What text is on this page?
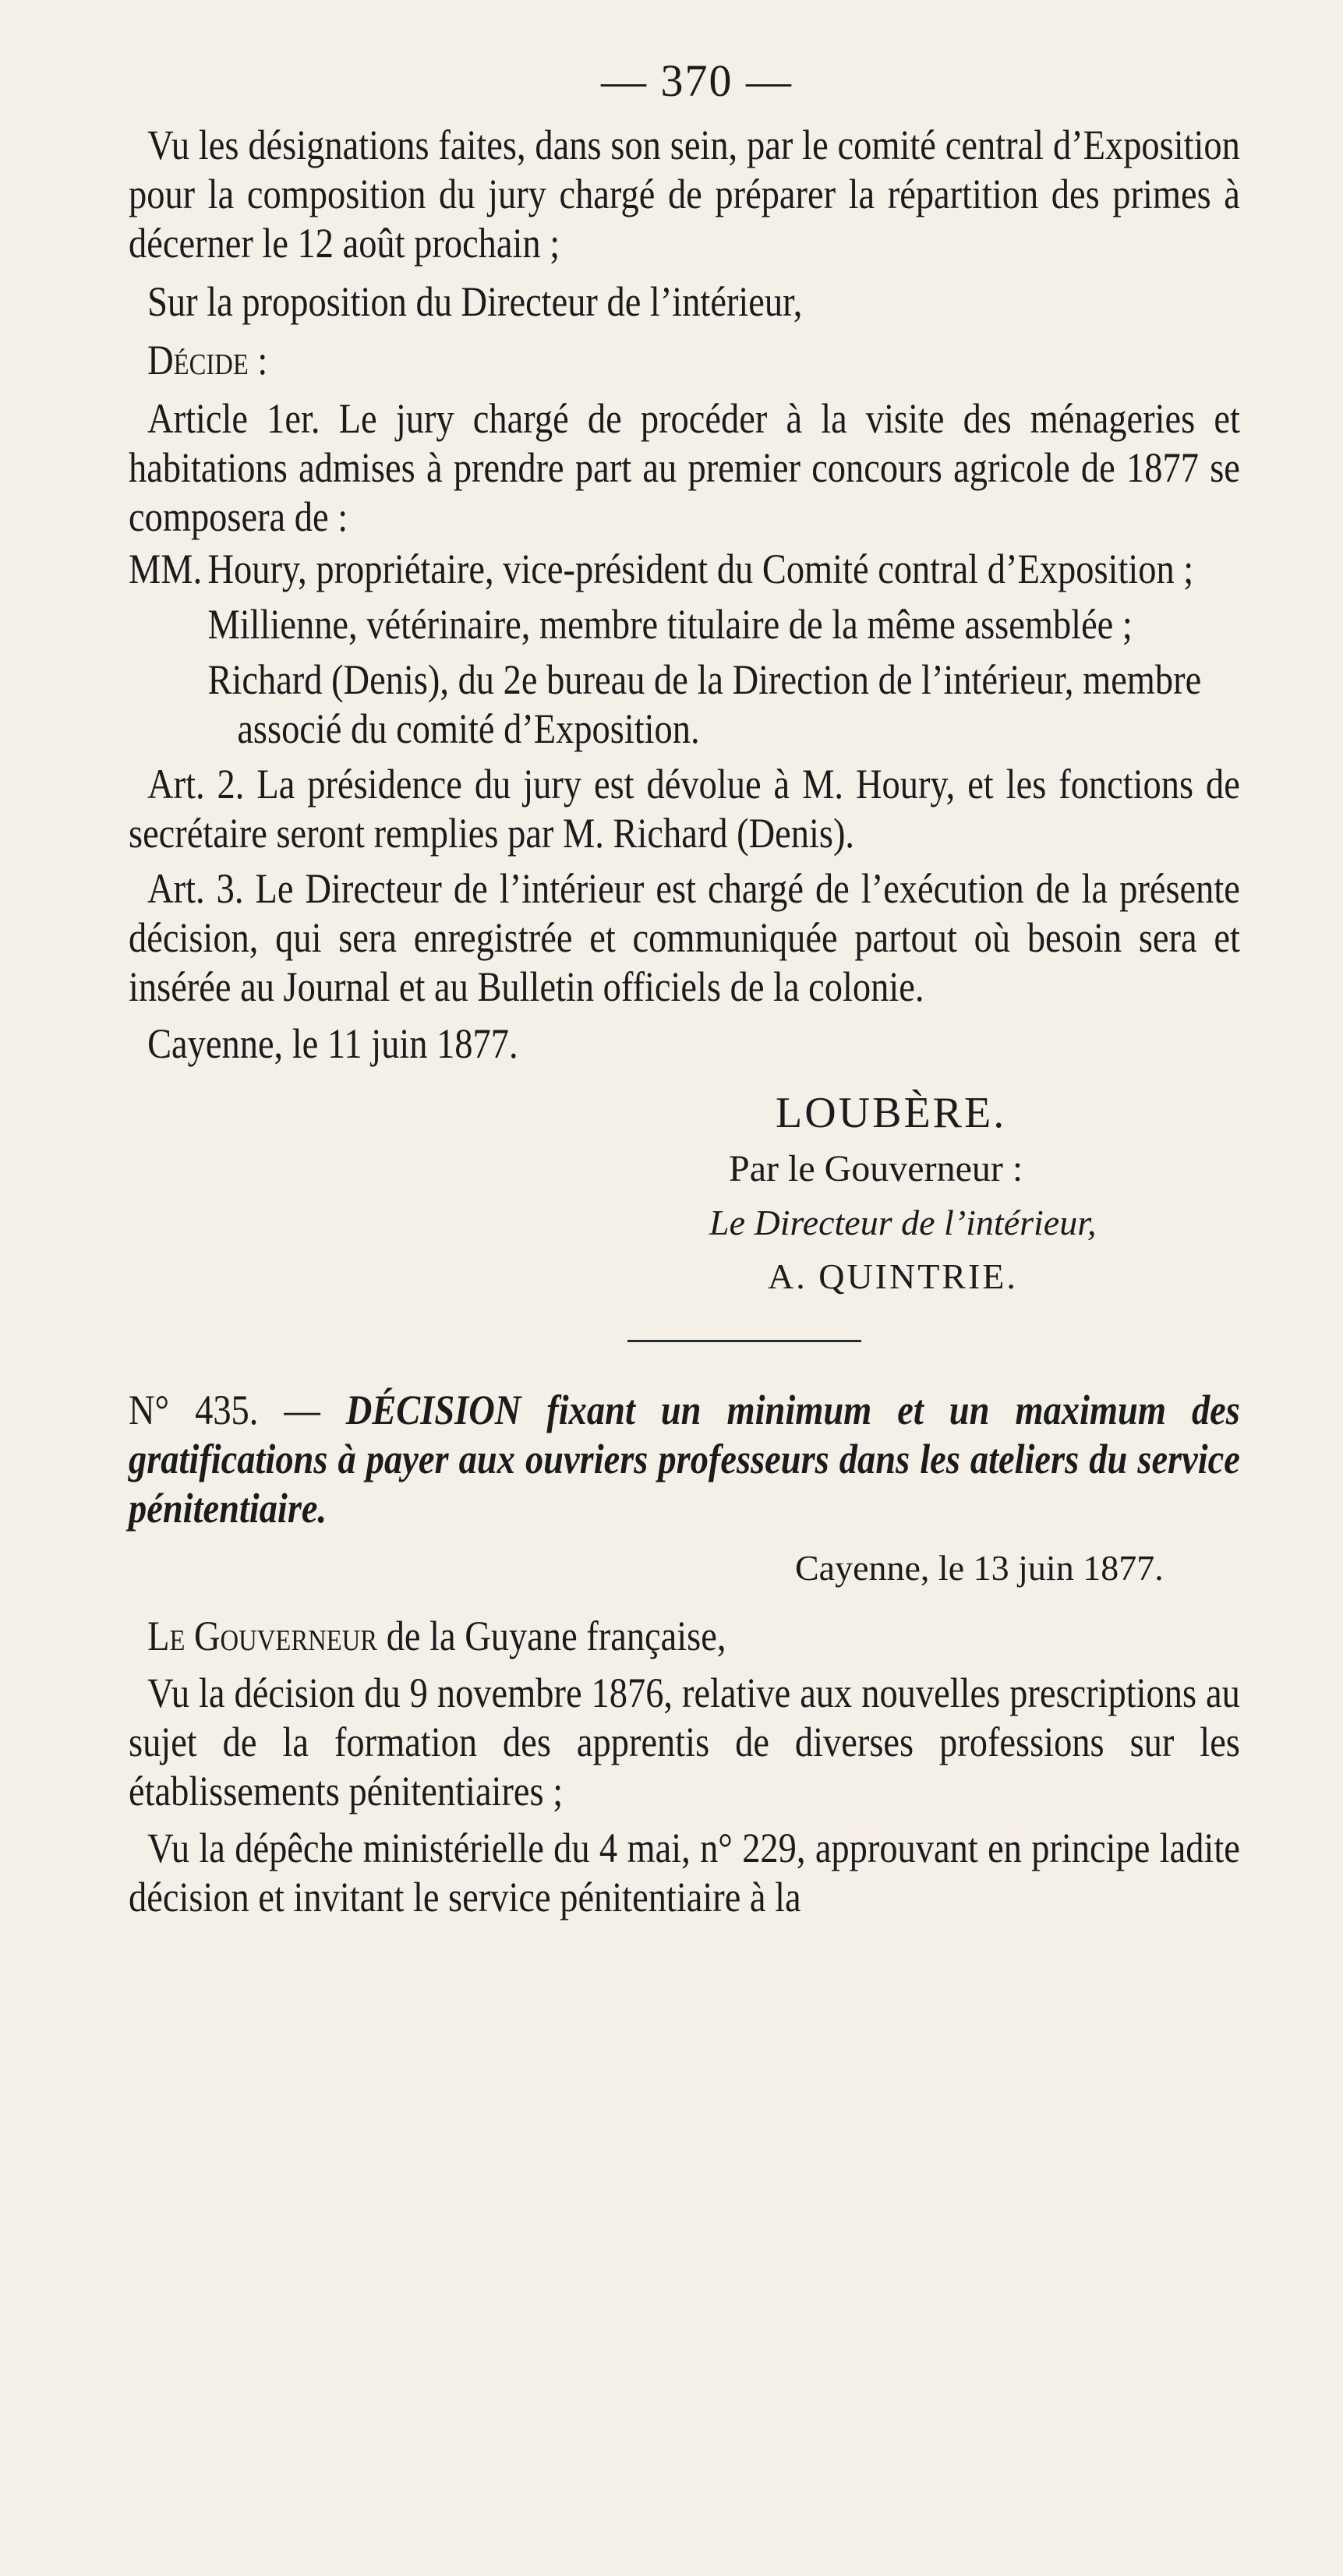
— 370 —

Vu les désignations faites, dans son sein, par le comité central d’Exposition pour la composition du jury chargé de préparer la répartition des primes à décerner le 12 août prochain ;

Sur la proposition du Directeur de l’intérieur,

Décide :

Article 1er. Le jury chargé de procéder à la visite des ménageries et habitations admises à prendre part au premier concours agricole de 1877 se composera de :

MM. Houry, propriétaire, vice-président du Comité contral d’Exposition ;
Millienne, vétérinaire, membre titulaire de la même assemblée ;
Richard (Denis), du 2e bureau de la Direction de l’intérieur, membre associé du comité d’Exposition.

Art. 2. La présidence du jury est dévolue à M. Houry, et les fonctions de secrétaire seront remplies par M. Richard (Denis).

Art. 3. Le Directeur de l’intérieur est chargé de l’exécution de la présente décision, qui sera enregistrée et communiquée partout où besoin sera et insérée au Journal et au Bulletin officiels de la colonie.

Cayenne, le 11 juin 1877.

LOUBÈRE.

Par le Gouverneur :

Le Directeur de l’intérieur,

A. QUINTRIE.

N° 435. — DÉCISION fixant un minimum et un maximum des gratifications à payer aux ouvriers professeurs dans les ateliers du service pénitentiaire.

Cayenne, le 13 juin 1877.

Le Gouverneur de la Guyane française,

Vu la décision du 9 novembre 1876, relative aux nouvelles prescriptions au sujet de la formation des apprentis de diverses professions sur les établissements pénitentiaires ;

Vu la dépêche ministérielle du 4 mai, n° 229, approuvant en principe ladite décision et invitant le service pénitentiaire à la
